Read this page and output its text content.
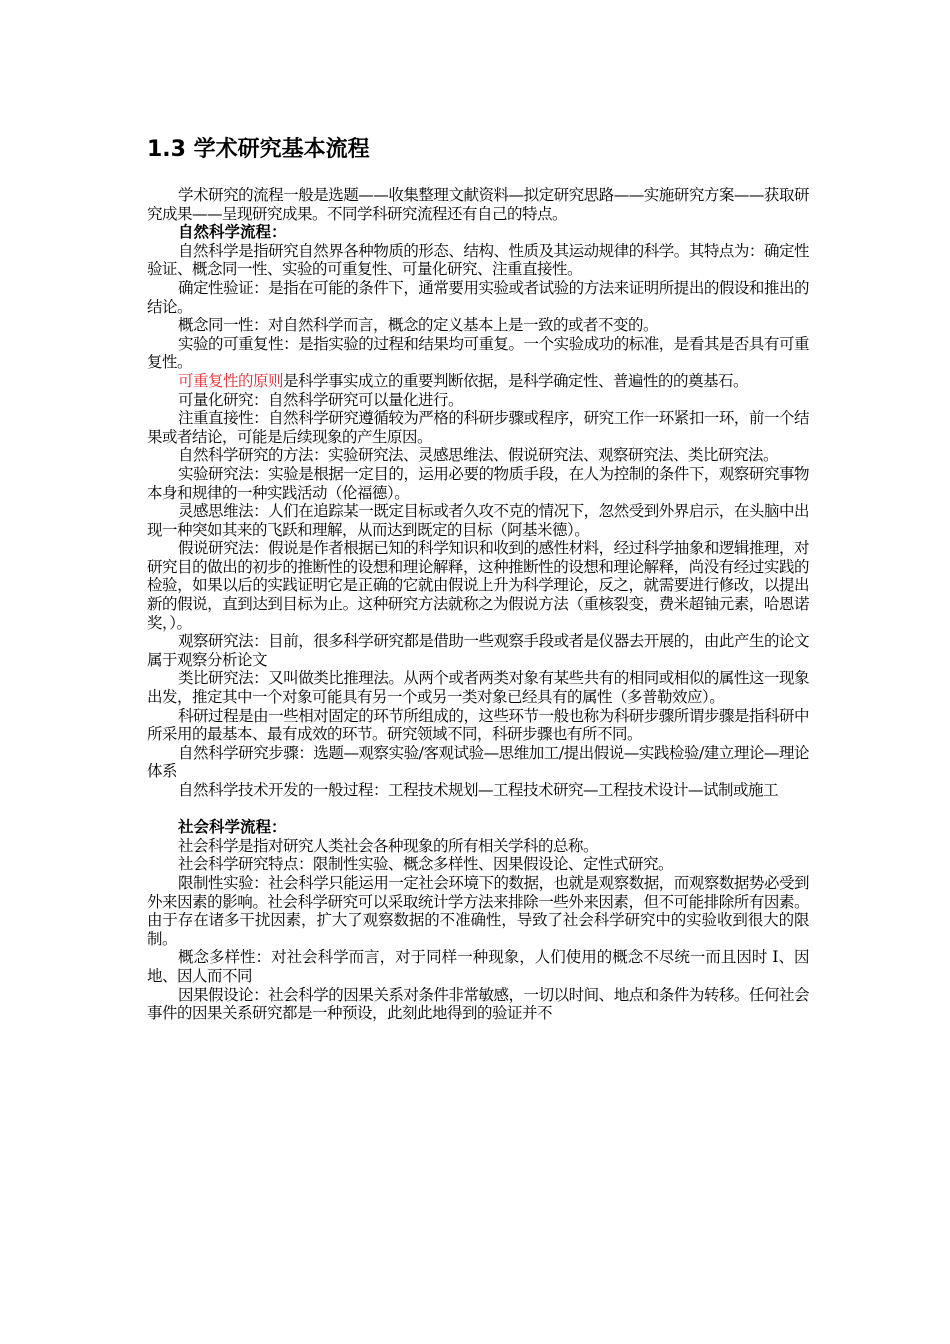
1.3 学术研究基本流程

学术研究的流程一般是选题——收集整理文献资料—拟定研究思路——实施研究方案——获取研究成果——呈现研究成果。不同学科研究流程还有自己的特点。

自然科学流程：

自然科学是指研究自然界各种物质的形态、结构、性质及其运动规律的科学。其特点为：确定性验证、概念同一性、实验的可重复性、可量化研究、注重直接性。

确定性验证：是指在可能的条件下，通常要用实验或者试验的方法来证明所提出的假设和推出的结论。

概念同一性：对自然科学而言，概念的定义基本上是一致的或者不变的。

实验的可重复性：是指实验的过程和结果均可重复。一个实验成功的标准，是看其是否具有可重复性。

可重复性的原则是科学事实成立的重要判断依据，是科学确定性、普遍性的的奠基石。

可量化研究：自然科学研究可以量化进行。

注重直接性：自然科学研究遵循较为严格的科研步骤或程序，研究工作一环紧扣一环，前一个结果或者结论，可能是后续现象的产生原因。

自然科学研究的方法：实验研究法、灵感思维法、假说研究法、观察研究法、类比研究法。

实验研究法：实验是根据一定目的，运用必要的物质手段，在人为控制的条件下，观察研究事物本身和规律的一种实践活动（伦福德）。

灵感思维法：人们在追踪某一既定目标或者久攻不克的情况下，忽然受到外界启示，在头脑中出现一种突如其来的飞跃和理解，从而达到既定的目标（阿基米德）。

假说研究法：假说是作者根据已知的科学知识和收到的感性材料，经过科学抽象和逻辑推理，对研究目的做出的初步的推断性的设想和理论解释，这种推断性的设想和理论解释，尚没有经过实践的检验，如果以后的实践证明它是正确的它就由假说上升为科学理论，反之，就需要进行修改，以提出新的假说，直到达到目标为止。这种研究方法就称之为假说方法（重核裂变，费米超铀元素，哈恩诺奖，）。

观察研究法：目前，很多科学研究都是借助一些观察手段或者是仪器去开展的，由此产生的论文属于观察分析论文

类比研究法：又叫做类比推理法。从两个或者两类对象有某些共有的相同或相似的属性这一现象出发，推定其中一个对象可能具有另一个或另一类对象已经具有的属性（多普勒效应）。

科研过程是由一些相对固定的环节所组成的，这些环节一般也称为科研步骤所谓步骤是指科研中所采用的最基本、最有成效的环节。研究领域不同，科研步骤也有所不同。

自然科学研究步骤：选题—观察实验/客观试验—思维加工/提出假说—实践检验/建立理论—理论体系

自然科学技术开发的一般过程：工程技术规划—工程技术研究—工程技术设计—试制或施工

社会科学流程：

社会科学是指对研究人类社会各种现象的所有相关学科的总称。

社会科学研究特点：限制性实验、概念多样性、因果假设论、定性式研究。

限制性实验：社会科学只能运用一定社会环境下的数据，也就是观察数据，而观察数据势必受到外来因素的影响。社会科学研究可以采取统计学方法来排除一些外来因素，但不可能排除所有因素。由于存在诸多干扰因素，扩大了观察数据的不准确性，导致了社会科学研究中的实验收到很大的限制。

概念多样性：对社会科学而言，对于同样一种现象，人们使用的概念不尽统一而且因时 I、因地、因人而不同

因果假设论：社会科学的因果关系对条件非常敏感，一切以时间、地点和条件为转移。任何社会事件的因果关系研究都是一种预设，此刻此地得到的验证并不
